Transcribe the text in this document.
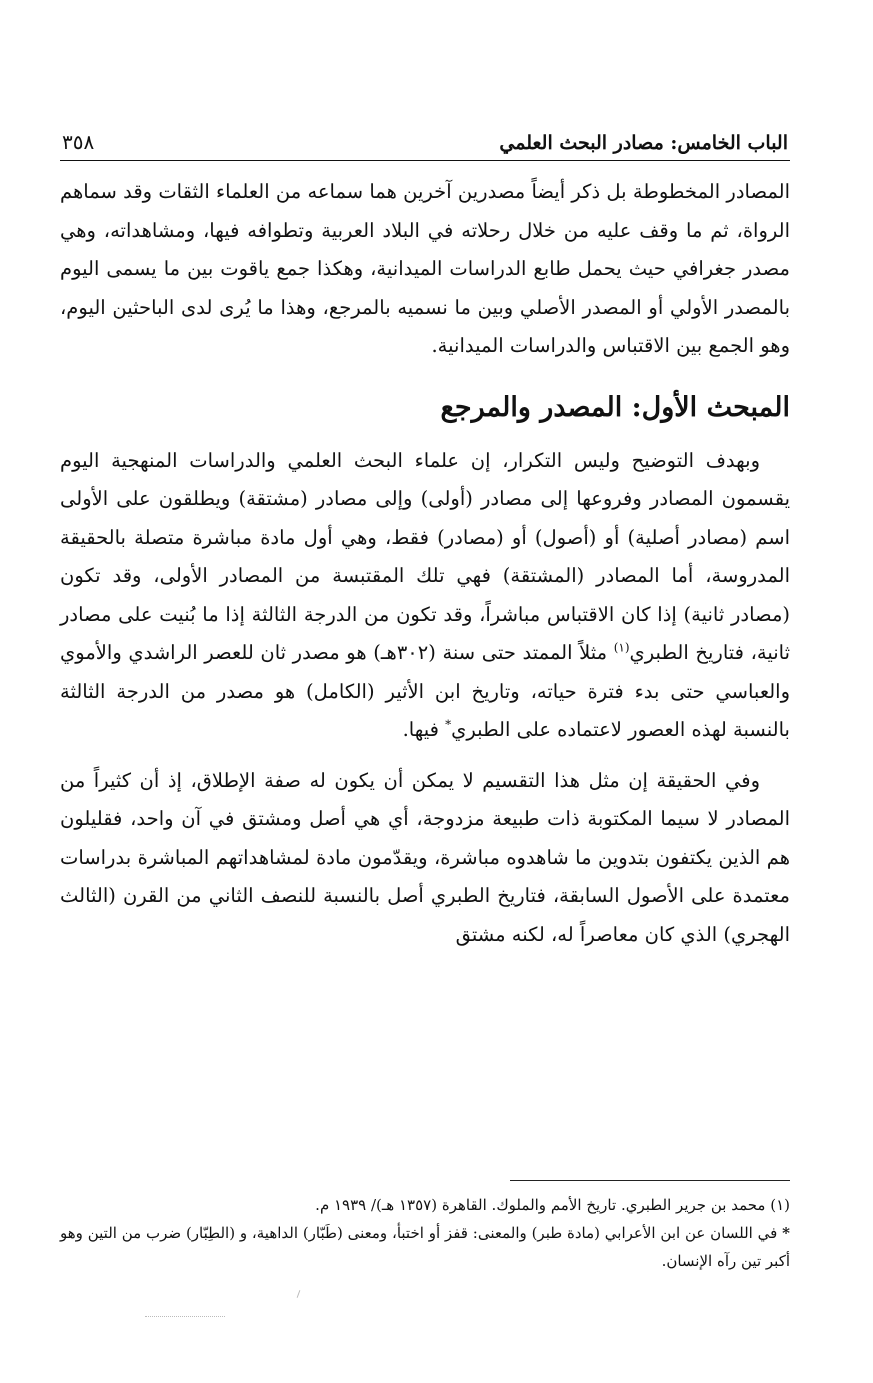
الباب الخامس: مصادر البحث العلمي
٣٥٨

المصادر المخطوطة بل ذكر أيضاً مصدرين آخرين هما سماعه من العلماء الثقات وقد سماهم الرواة، ثم ما وقف عليه من خلال رحلاته في البلاد العربية وتطوافه فيها، ومشاهداته، وهي مصدر جغرافي حيث يحمل طابع الدراسات الميدانية، وهكذا جمع ياقوت بين ما يسمى اليوم بالمصدر الأولي أو المصدر الأصلي وبين ما نسميه بالمرجع، وهذا ما يُرى لدى الباحثين اليوم، وهو الجمع بين الاقتباس والدراسات الميدانية.

المبحث الأول: المصدر والمرجع

وبهدف التوضيح وليس التكرار، إن علماء البحث العلمي والدراسات المنهجية اليوم يقسمون المصادر وفروعها إلى مصادر (أولى) وإلى مصادر (مشتقة) ويطلقون على الأولى اسم (مصادر أصلية) أو (أصول) أو (مصادر) فقط، وهي أول مادة مباشرة متصلة بالحقيقة المدروسة، أما المصادر (المشتقة) فهي تلك المقتبسة من المصادر الأولى، وقد تكون (مصادر ثانية) إذا كان الاقتباس مباشراً، وقد تكون من الدرجة الثالثة إذا ما بُنيت على مصادر ثانية، فتاريخ الطبري$^{(١)}$ مثلاً الممتد حتى سنة (٣٠٢هـ) هو مصدر ثان للعصر الراشدي والأموي والعباسي حتى بدء فترة حياته، وتاريخ ابن الأثير (الكامل) هو مصدر من الدرجة الثالثة بالنسبة لهذه العصور لاعتماده على الطبري* فيها.

وفي الحقيقة إن مثل هذا التقسيم لا يمكن أن يكون له صفة الإطلاق، إذ أن كثيراً من المصادر لا سيما المكتوبة ذات طبيعة مزدوجة، أي هي أصل ومشتق في آن واحد، فقليلون هم الذين يكتفون بتدوين ما شاهدوه مباشرة، ويقدّمون مادة لمشاهداتهم المباشرة بدراسات معتمدة على الأصول السابقة، فتاريخ الطبري أصل بالنسبة للنصف الثاني من القرن (الثالث الهجري) الذي كان معاصراً له، لكنه مشتق

(١) محمد بن جرير الطبري. تاريخ الأمم والملوك. القاهرة (١٣٥٧ هـ)/ ١٩٣٩ م.

* في اللسان عن ابن الأعرابي (مادة طبر) والمعنى: قفز أو اختبأ، ومعنى (طَبّار) الداهية، و (الطِبّار) ضرب من التين وهو أكبر تين رآه الإنسان.
